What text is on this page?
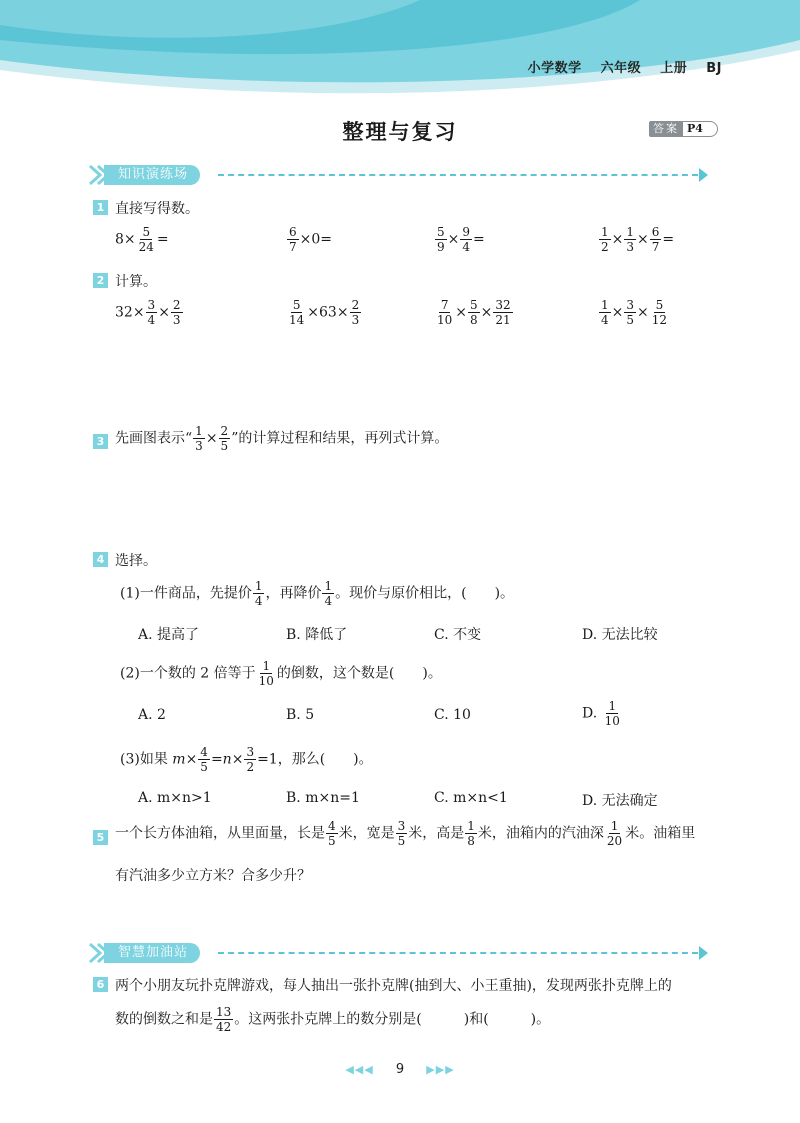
小学数学 六年级 上册 BJ
整理与复习	答案 P4
知识演练场
1 直接写得数。
$8\times \frac{5}{24}$ =	$\frac{6}{7} \times 0=$	$\frac{5}{9} \times \frac{9}{4}$ =	$\frac{1}{2} \times \frac{1}{3} \times \frac{6}{7}$ =
2 计算。
$32\times \frac{3}{4} \times \frac{2}{3}$	$\frac{5}{14} \times 63\times \frac{2}{3}$	$\frac{7}{10} \times \frac{5}{8} \times \frac{32}{21}$	$\frac{1}{4} \times \frac{3}{5} \times \frac{5}{12}$
3 先画图表示“ $\frac{1}{3} \times \frac{2}{5}$ ”的计算过程和结果，再列式计算。
4 选择。
(1)一件商品，先提价 $\frac{1}{4}$ ，再降价 $\frac{1}{4}$ 。现价与原价相比，(　　)。
A. 提高了	B. 降低了	C. 不变	D. 无法比较
(2)一个数的 2 倍等于 $\frac{1}{10}$ 的倒数，这个数是(　　)。
A. 2	B. 5	C. 10	D. $\frac{1}{10}$
(3)如果 $m\times \frac{4}{5} =n\times \frac{3}{2} =1$，那么(　　)。
A. m×n>1	B. m×n=1	C. m×n<1	D. 无法确定
5 一个长方体油箱，从里面量，长是 $\frac{4}{5}$ 米，宽是 $\frac{3}{5}$ 米，高是 $\frac{1}{8}$ 米，油箱内的汽油深 $\frac{1}{20}$ 米。油箱里
有汽油多少立方米？合多少升？
智慧加油站
6 两个小朋友玩扑克牌游戏，每人抽出一张扑克牌(抽到大、小王重抽)，发现两张扑克牌上的
数的倒数之和是 $\frac{13}{42}$ 。这两张扑克牌上的数分别是(　　　)和(　　　)。
◀◀◀ 9 ▶▶▶
